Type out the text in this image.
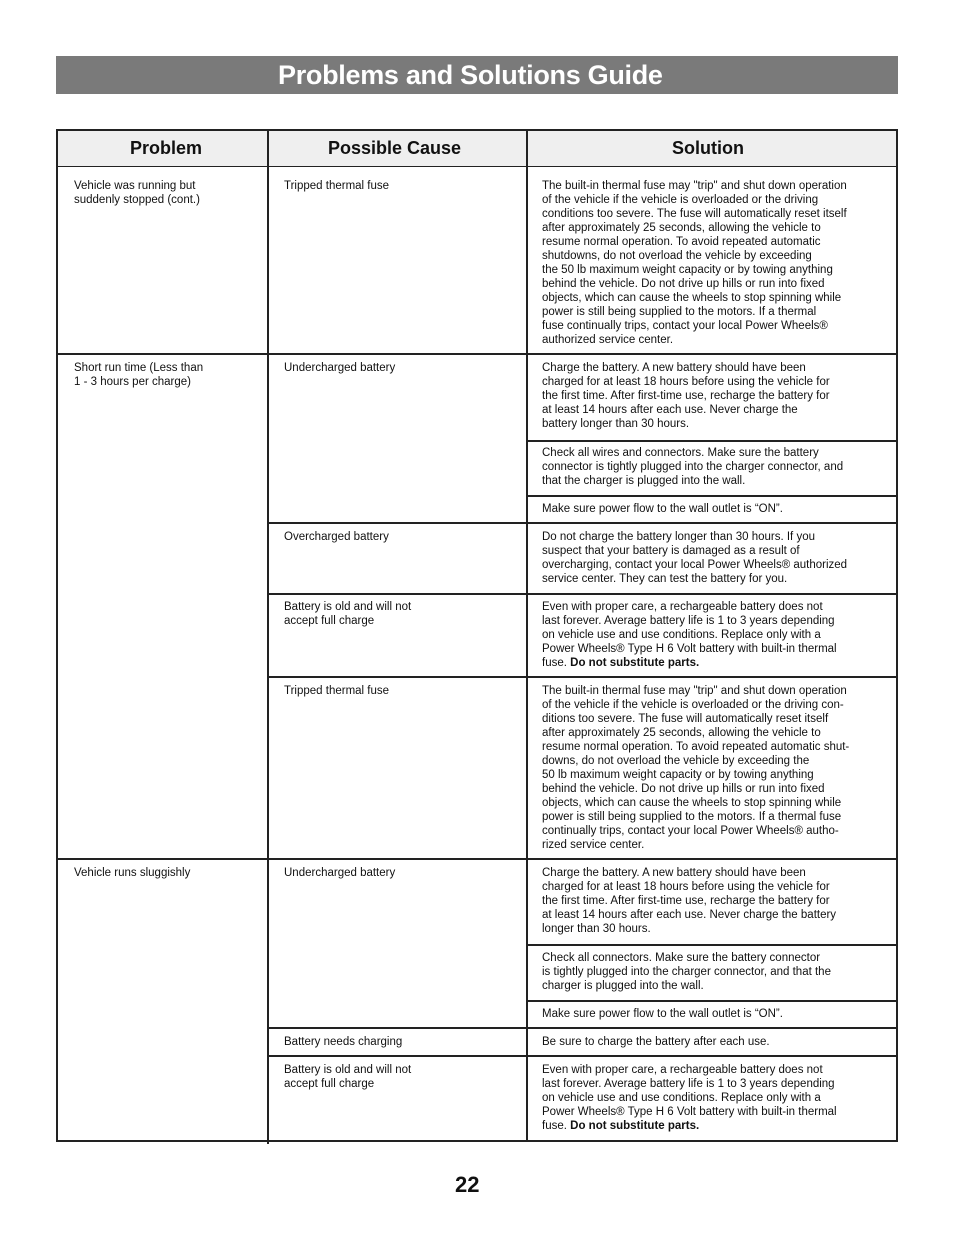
Problems and Solutions Guide
Problem	Possible Cause	Solution
Vehicle was running but
suddenly stopped (cont.)
Short run time (Less than
1 - 3 hours per charge)
Vehicle runs sluggishly
Tripped thermal fuse
Undercharged battery
Overcharged battery
Battery is old and will not
accept full charge
Tripped thermal fuse
Undercharged battery
Battery needs charging
Battery is old and will not
accept full charge
The built-in thermal fuse may "trip" and shut down operation
of the vehicle if the vehicle is overloaded or the driving
conditions too severe. The fuse will automatically reset itself
after approximately 25 seconds, allowing the vehicle to
resume normal operation. To avoid repeated automatic
shutdowns, do not overload the vehicle by exceeding
the 50 lb maximum weight capacity or by towing anything
behind the vehicle. Do not drive up hills or run into fixed
objects, which can cause the wheels to stop spinning while
power is still being supplied to the motors. If a thermal
fuse continually trips, contact your local Power Wheels®
authorized service center.
Charge the battery. A new battery should have been
charged for at least 18 hours before using the vehicle for
the first time. After first-time use, recharge the battery for
at least 14 hours after each use. Never charge the
battery longer than 30 hours.
Check all wires and connectors. Make sure the battery
connector is tightly plugged into the charger connector, and
that the charger is plugged into the wall.
Make sure power flow to the wall outlet is “ON”.
Do not charge the battery longer than 30 hours. If you
suspect that your battery is damaged as a result of
overcharging, contact your local Power Wheels® authorized
service center. They can test the battery for you.
Even with proper care, a rechargeable battery does not
last forever. Average battery life is 1 to 3 years depending
on vehicle use and use conditions. Replace only with a
Power Wheels® Type H 6 Volt battery with built-in thermal
fuse. Do not substitute parts.
The built-in thermal fuse may "trip" and shut down operation
of the vehicle if the vehicle is overloaded or the driving con-
ditions too severe. The fuse will automatically reset itself
after approximately 25 seconds, allowing the vehicle to
resume normal operation. To avoid repeated automatic shut-
downs, do not overload the vehicle by exceeding the
50 lb maximum weight capacity or by towing anything
behind the vehicle. Do not drive up hills or run into fixed
objects, which can cause the wheels to stop spinning while
power is still being supplied to the motors. If a thermal fuse
continually trips, contact your local Power Wheels® autho-
rized service center.
Charge the battery. A new battery should have been
charged for at least 18 hours before using the vehicle for
the first time. After first-time use, recharge the battery for
at least 14 hours after each use. Never charge the battery
longer than 30 hours.
Check all connectors. Make sure the battery connector
is tightly plugged into the charger connector, and that the
charger is plugged into the wall.
Make sure power flow to the wall outlet is “ON”.
Be sure to charge the battery after each use.
Even with proper care, a rechargeable battery does not
last forever. Average battery life is 1 to 3 years depending
on vehicle use and use conditions. Replace only with a
Power Wheels® Type H 6 Volt battery with built-in thermal
fuse. Do not substitute parts.
22
